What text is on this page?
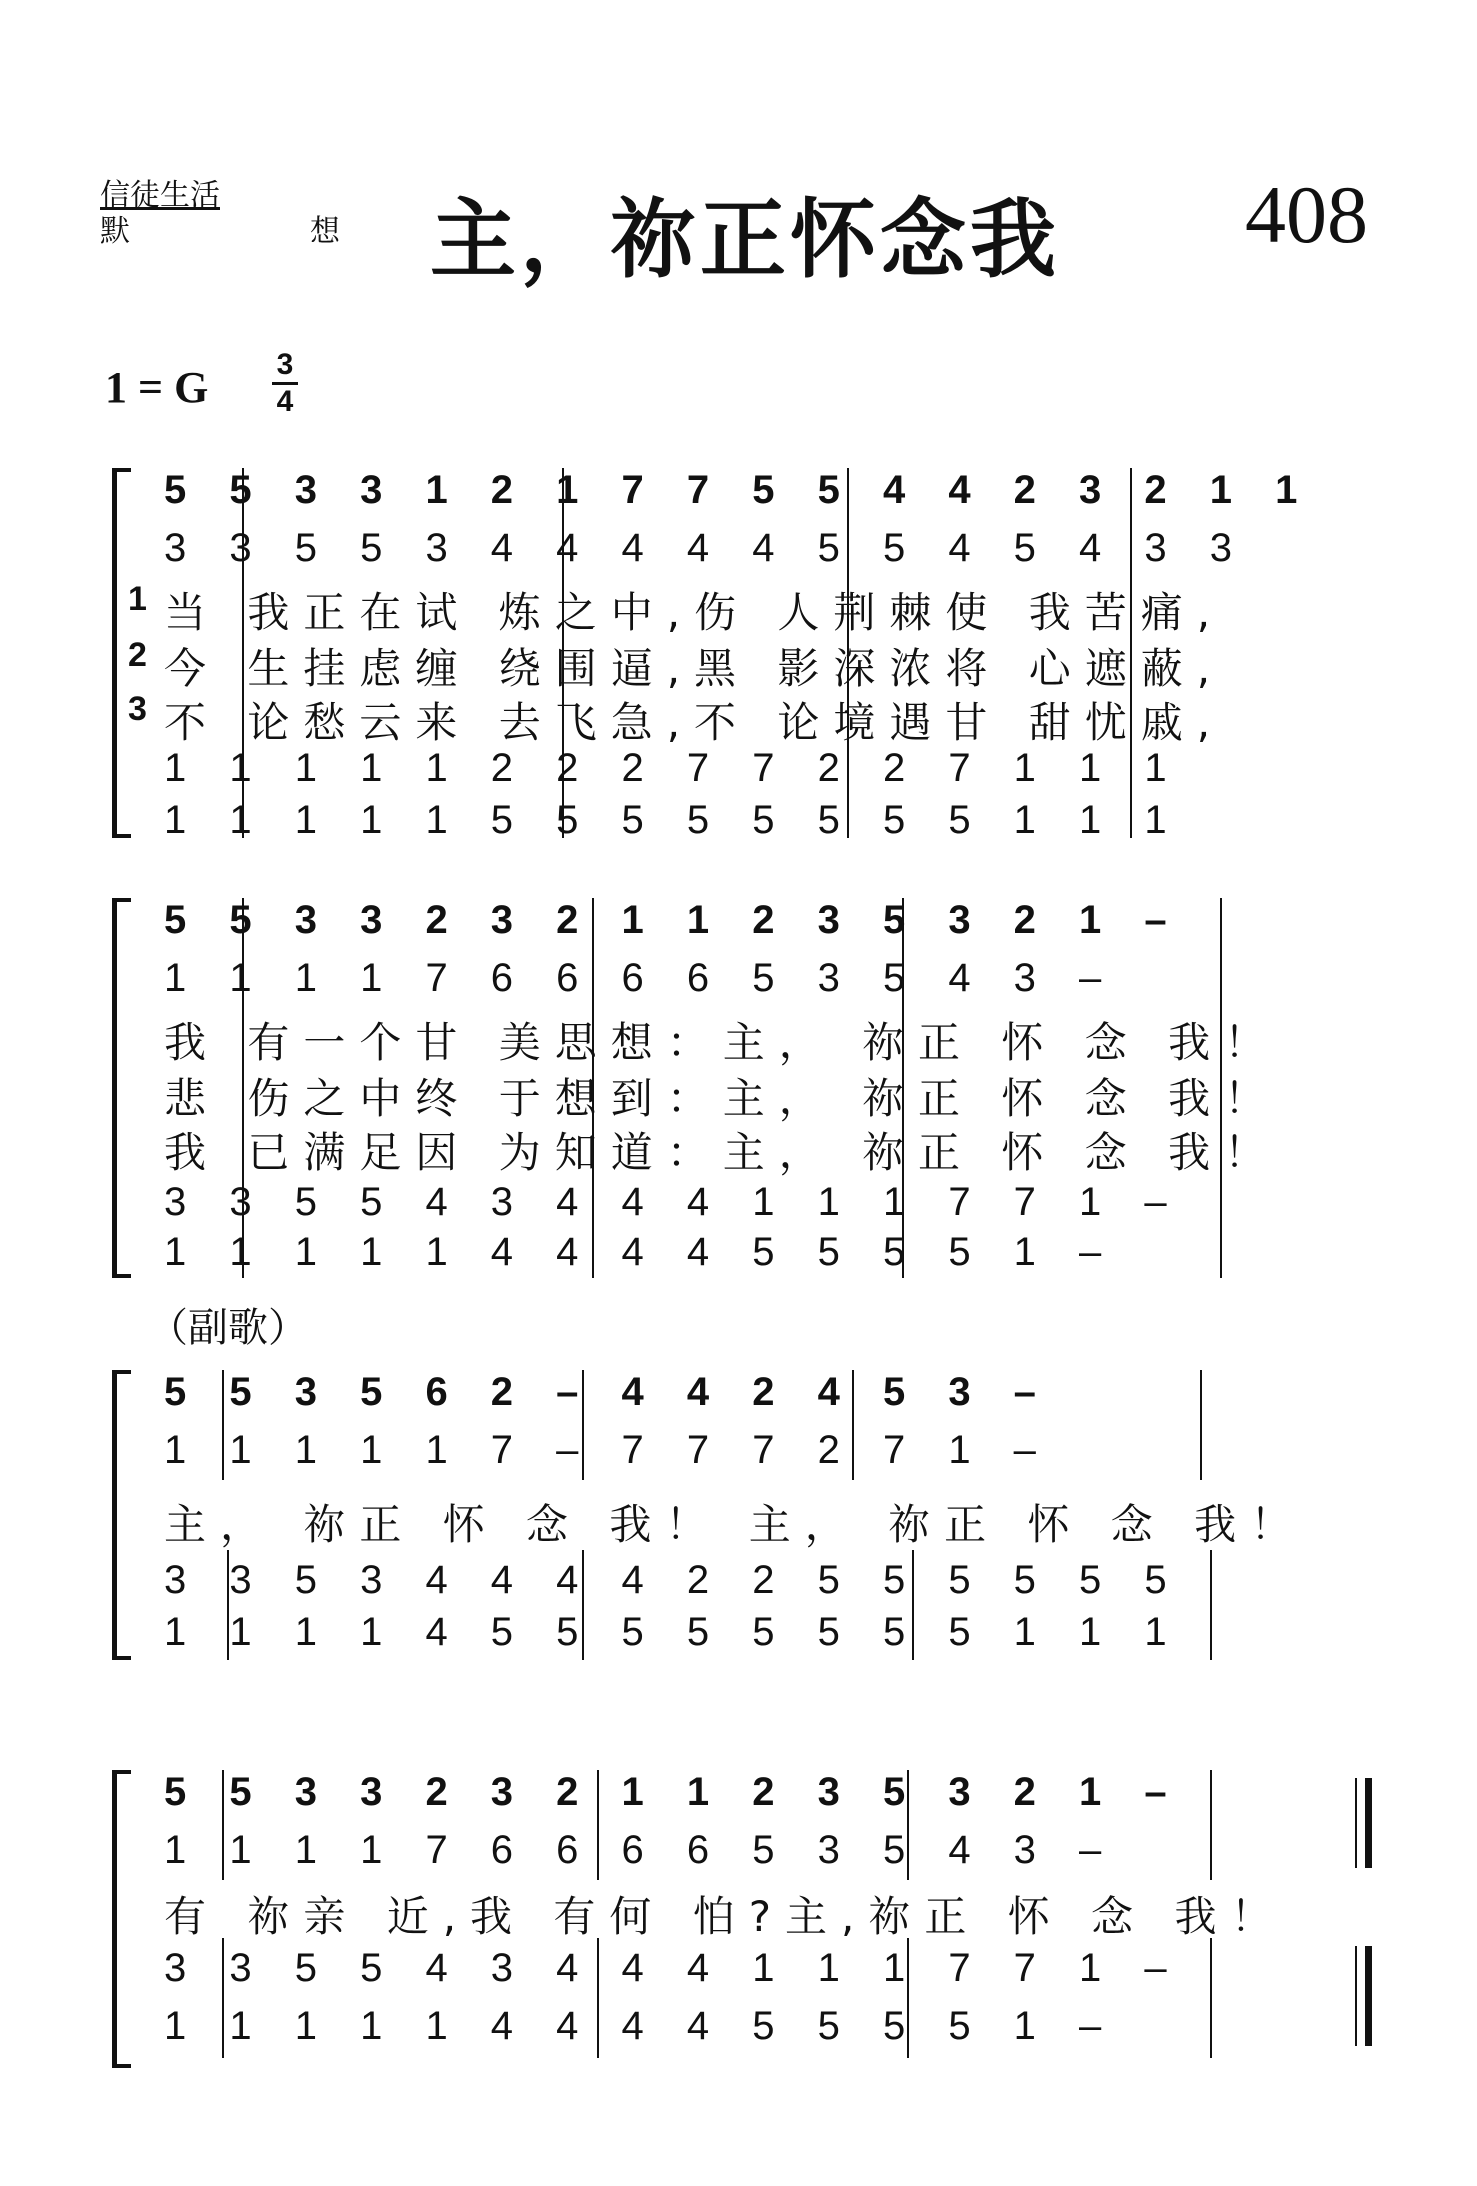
信徒生活
默　　想 主，祢正怀念我 408
1 = G 3
4
5 5 3 3 1 2 1 7 7 5 5 4 4 2 3 2 1 1
3 3 5 5 3 4 4 4 4 4 5 5 4 5 4 3 3
1 当 我正在试 炼之中,伤 人荆棘使 我苦痛,
2 今 生挂虑缠 绕围逼,黑 影深浓将 心遮蔽,
3 不 论愁云来 去飞急,不 论境遇甘 甜忧戚,
1 1 1 1 1 2 2 2 7 7 2 2 7 1 1 1
1 1 1 1 1 5 5 5 5 5 5 5 5 1 1 1
5 5 3 3 2 3 2 1 1 2 3 5 3 2 1 –
1 1 1 1 7 6 6 6 6 5 3 5 4 3 –
我 有一个甘 美思想：主， 祢正 怀 念 我！
悲 伤之中终 于想到：主， 祢正 怀 念 我！
我 已满足因 为知道：主， 祢正 怀 念 我！
3 3 5 5 4 3 4 4 4 1 1 1 7 7 1 –
1 1 1 1 1 4 4 4 4 5 5 5 5 1 –
（副歌）
5 5 3 5 6 2 – 4 4 2 4 5 3 –
1 1 1 1 1 7 – 7 7 7 2 7 1 –
主， 祢正 怀 念 我！ 主， 祢正 怀 念 我！
3 3 5 3 4 4 4 4 2 2 5 5 5 5 5 5
1 1 1 1 4 5 5 5 5 5 5 5 5 1 1 1
5 5 3 3 2 3 2 1 1 2 3 5 3 2 1 –
1 1 1 1 7 6 6 6 6 5 3 5 4 3 –
有 祢亲 近,我 有何 怕?主,祢正 怀 念 我！
3 3 5 5 4 3 4 4 4 1 1 1 7 7 1 –
1 1 1 1 1 4 4 4 4 5 5 5 5 1 –
